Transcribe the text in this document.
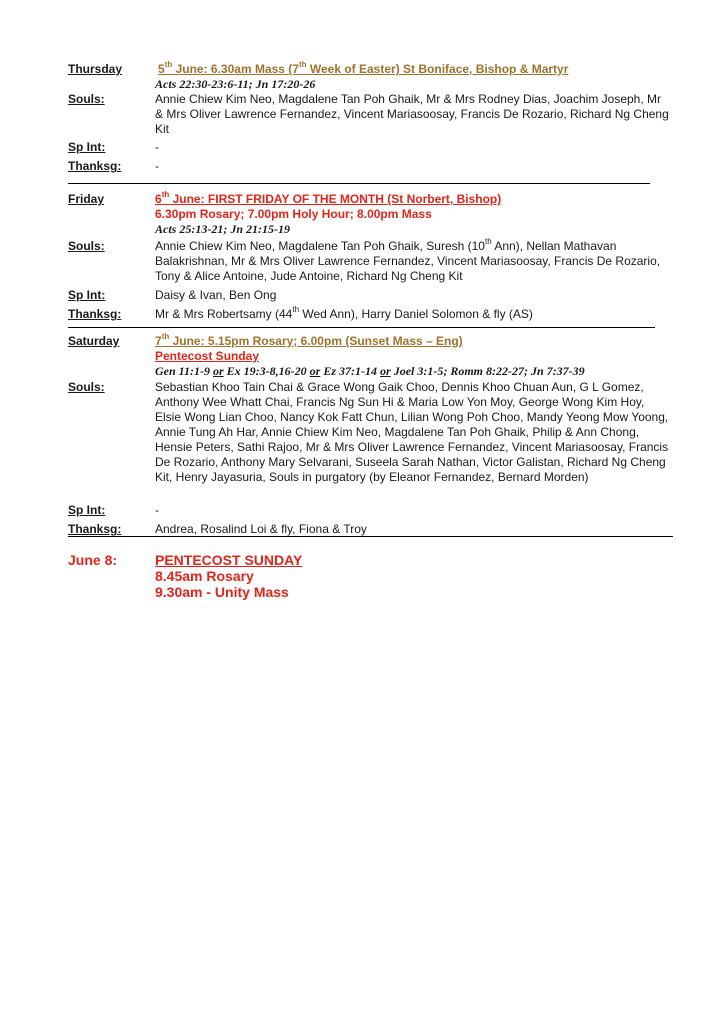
Thursday	5th June: 6.30am Mass (7th Week of Easter) St Boniface, Bishop & Martyr
Acts 22:30-23:6-11; Jn 17:20-26
Souls:	Annie Chiew Kim Neo, Magdalene Tan Poh Ghaik, Mr & Mrs Rodney Dias, Joachim Joseph, Mr & Mrs Oliver Lawrence Fernandez, Vincent Mariasoosay, Francis De Rozario, Richard Ng Cheng Kit
Sp Int:	-
Thanksg:	-
Friday	6th June: FIRST FRIDAY OF THE MONTH (St Norbert, Bishop)
6.30pm Rosary; 7.00pm Holy Hour; 8.00pm Mass
Acts 25:13-21; Jn 21:15-19
Souls:	Annie Chiew Kim Neo, Magdalene Tan Poh Ghaik, Suresh (10th Ann), Nellan Mathavan Balakrishnan, Mr & Mrs Oliver Lawrence Fernandez, Vincent Mariasoosay, Francis De Rozario, Tony & Alice Antoine, Jude Antoine, Richard Ng Cheng Kit
Sp Int:	Daisy & Ivan, Ben Ong
Thanksg:	Mr & Mrs Robertsamy (44th Wed Ann), Harry Daniel Solomon & fly (AS)
Saturday	7th June: 5.15pm Rosary; 6.00pm (Sunset Mass – Eng)
Pentecost Sunday
Gen 11:1-9 or Ex 19:3-8,16-20 or Ez 37:1-14 or Joel 3:1-5; Romm 8:22-27; Jn 7:37-39
Souls:	Sebastian Khoo Tain Chai & Grace Wong Gaik Choo, Dennis Khoo Chuan Aun, G L Gomez, Anthony Wee Whatt Chai, Francis Ng Sun Hi & Maria Low Yon Moy, George Wong Kim Hoy, Elsie Wong Lian Choo, Nancy Kok Fatt Chun, Lilian Wong Poh Choo, Mandy Yeong Mow Yoong, Annie Tung Ah Har, Annie Chiew Kim Neo, Magdalene Tan Poh Ghaik, Philip & Ann Chong, Hensie Peters, Sathi Rajoo, Mr & Mrs Oliver Lawrence Fernandez, Vincent Mariasoosay, Francis De Rozario, Anthony Mary Selvarani, Suseela Sarah Nathan, Victor Galistan, Richard Ng Cheng Kit, Henry Jayasuria, Souls in purgatory (by Eleanor Fernandez, Bernard Morden)
Sp Int:	-
Thanksg:	Andrea, Rosalind Loi & fly, Fiona & Troy
June 8:	PENTECOST SUNDAY
8.45am Rosary
9.30am - Unity Mass
